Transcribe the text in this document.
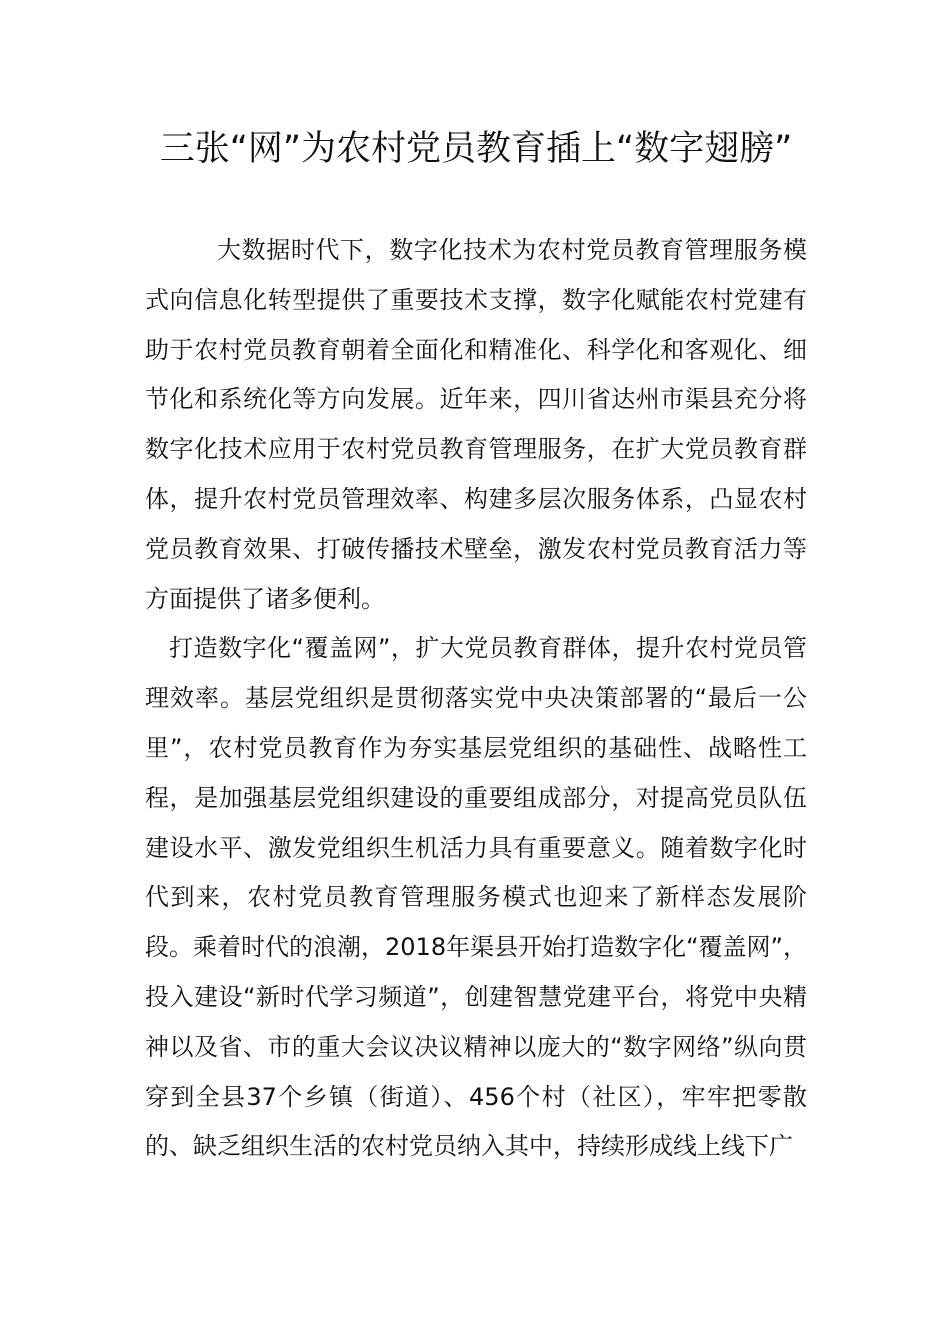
三张“网”为农村党员教育插上“数字翅膀”

大数据时代下，数字化技术为农村党员教育管理服务模式向信息化转型提供了重要技术支撑，数字化赋能农村党建有助于农村党员教育朝着全面化和精准化、科学化和客观化、细节化和系统化等方向发展。近年来，四川省达州市渠县充分将数字化技术应用于农村党员教育管理服务，在扩大党员教育群体，提升农村党员管理效率、构建多层次服务体系，凸显农村党员教育效果、打破传播技术壁垒，激发农村党员教育活力等方面提供了诸多便利。

打造数字化“覆盖网”，扩大党员教育群体，提升农村党员管理效率。基层党组织是贯彻落实党中央决策部署的“最后一公里”，农村党员教育作为夯实基层党组织的基础性、战略性工程，是加强基层党组织建设的重要组成部分，对提高党员队伍建设水平、激发党组织生机活力具有重要意义。随着数字化时代到来，农村党员教育管理服务模式也迎来了新样态发展阶段。乘着时代的浪潮，2018年渠县开始打造数字化“覆盖网”，投入建设“新时代学习频道”，创建智慧党建平台，将党中央精神以及省、市的重大会议决议精神以庞大的“数字网络”纵向贯穿到全县37个乡镇（街道）、456个村（社区），牢牢把零散的、缺乏组织生活的农村党员纳入其中，持续形成线上线下广
